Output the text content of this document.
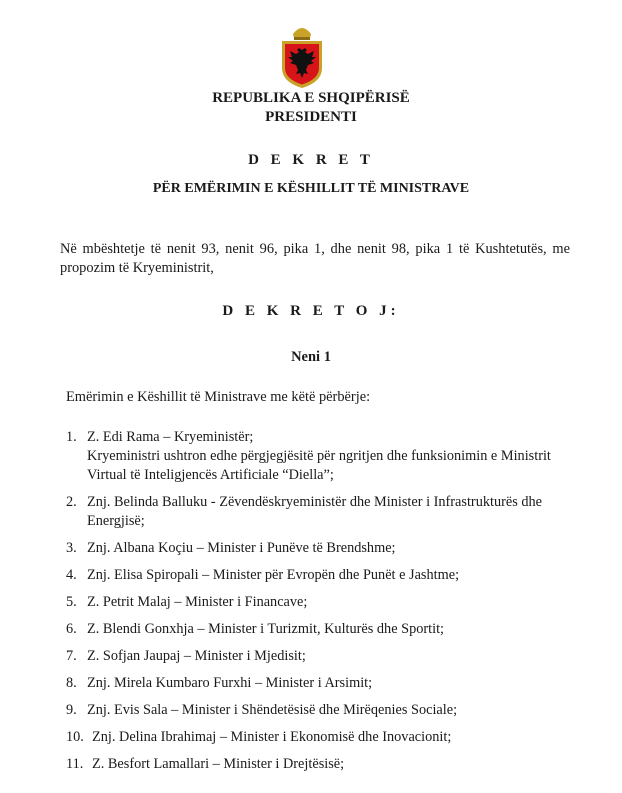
REPUBLIKA E SHQIPËRISË
PRESIDENTI
D E K R E T
PËR EMËRIMIN E KËSHILLIT TË MINISTRAVE
Në mbështetje të nenit 93, nenit 96, pika 1, dhe nenit 98, pika 1 të Kushtetutës, me propozim të Kryeministrit,
D E K R E T O J:
Neni 1
Emërimin e Këshillit të Ministrave me këtë përbërje:
1. Z. Edi Rama – Kryeministër;
Kryeministri ushtron edhe përgjegjësitë për ngritjen dhe funksionimin e Ministrit Virtual të Inteligjencës Artificiale “Diella”;
2. Znj. Belinda Balluku - Zëvendëskryeministër dhe Minister i Infrastrukturës dhe Energjisë;
3. Znj. Albana Koçiu – Minister i Punëve të Brendshme;
4. Znj. Elisa Spiropali – Minister për Evropën dhe Punët e Jashtme;
5. Z. Petrit Malaj – Minister i Financave;
6. Z. Blendi Gonxhja – Minister i Turizmit, Kulturës dhe Sportit;
7. Z. Sofjan Jaupaj – Minister i Mjedisit;
8. Znj. Mirela Kumbaro Furxhi – Minister i Arsimit;
9. Znj. Evis Sala – Minister i Shëndetësisë dhe Mirëqenies Sociale;
10. Znj. Delina Ibrahimaj – Minister i Ekonomisë dhe Inovacionit;
11. Z. Besfort Lamallari – Minister i Drejtësisë;
